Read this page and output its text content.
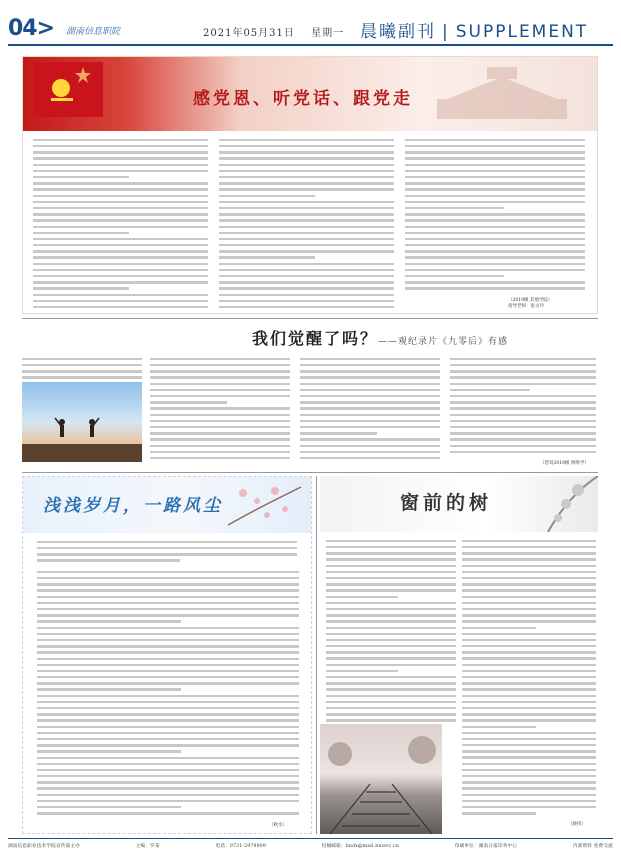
04> 湖南信息职院	2021年05月31日 星期一 晨曦副刊 | SUPPLEMENT
感党恩、听党话、跟党走
（2019级 其他学院）
指导老师：张文玲
我们觉醒了吗？——观纪录片《九零后》有感
（您说2019级 网络学）
浅浅岁月，一路风尘
（秋水）
窗前的树
（晓彤）
湖南信息职业技术学院宣传部主办	主编：罗某	电话：0731-2979909	投稿邮箱：hndx@mail.hnisvc.cn	印刷单位：湖南日报印务中心	内部资料 免费交流
